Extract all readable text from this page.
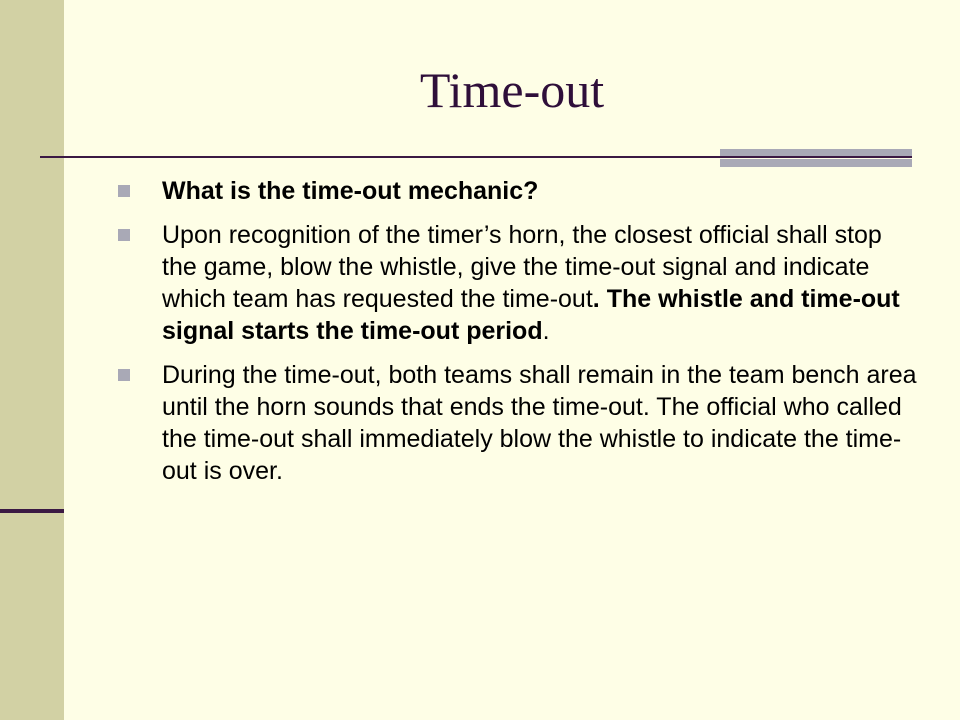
Time-out
What is the time-out mechanic?
Upon recognition of the timer’s horn, the closest official shall stop the game, blow the whistle, give the time-out signal and indicate which team has requested the time-out. The whistle and time-out signal starts the time-out period.
During the time-out, both teams shall remain in the team bench area until the horn sounds that ends the time-out. The official who called the time-out shall immediately blow the whistle to indicate the time-out is over.
